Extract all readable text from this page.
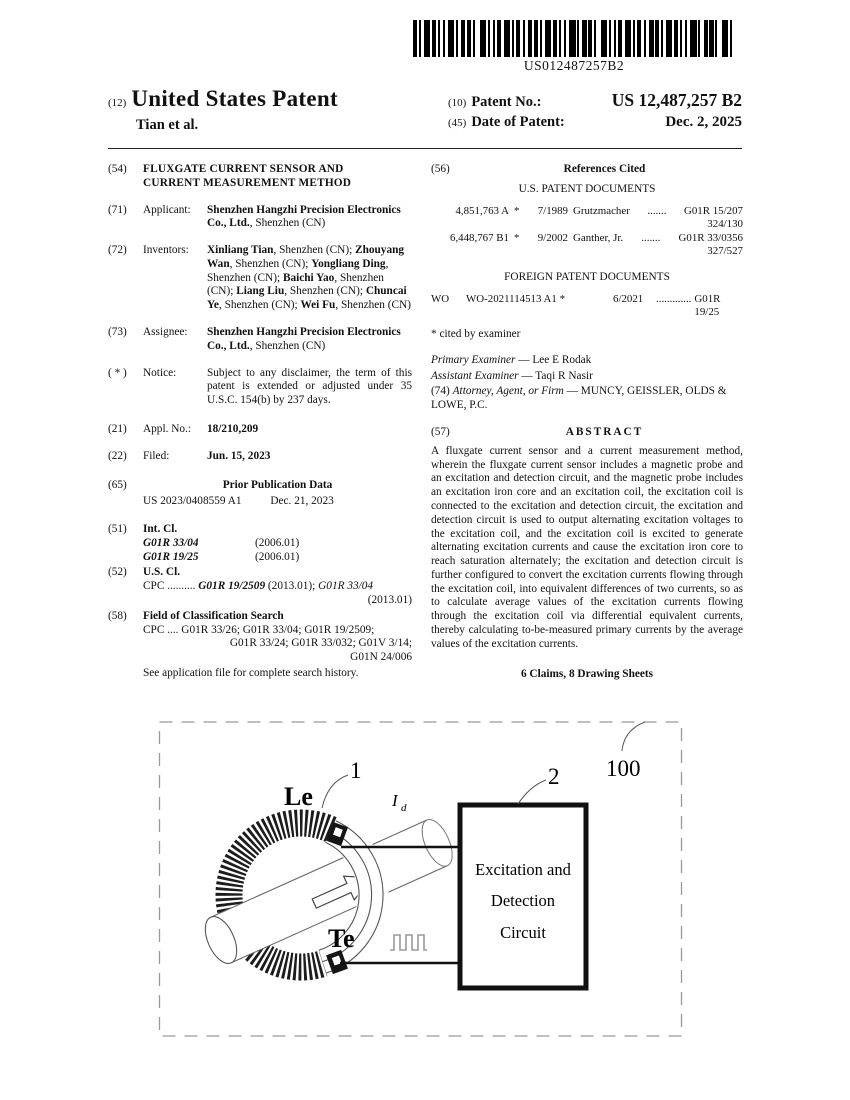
US012487257B2
(12) United States Patent
Tian et al.
(10) Patent No.:	US 12,487,257 B2
(45) Date of Patent:	Dec. 2, 2025
(54)	FLUXGATE CURRENT SENSOR AND CURRENT MEASUREMENT METHOD
(71)	Applicant:	Shenzhen Hangzhi Precision Electronics Co., Ltd., Shenzhen (CN)
(72)	Inventors:	Xinliang Tian, Shenzhen (CN); Zhouyang Wan, Shenzhen (CN); Yongliang Ding, Shenzhen (CN); Baichi Yao, Shenzhen (CN); Liang Liu, Shenzhen (CN); Chuncai Ye, Shenzhen (CN); Wei Fu, Shenzhen (CN)
(73)	Assignee:	Shenzhen Hangzhi Precision Electronics Co., Ltd., Shenzhen (CN)
( * )	Notice:	Subject to any disclaimer, the term of this patent is extended or adjusted under 35 U.S.C. 154(b) by 237 days.
(21)	Appl. No.:	18/210,209
(22)	Filed:	Jun. 15, 2023
(65)	Prior Publication Data
US 2023/0408559 A1	Dec. 21, 2023
(51)	Int. Cl.
G01R 33/04	(2006.01)
G01R 19/25	(2006.01)
(52)	U.S. Cl.
CPC .......... G01R 19/2509 (2013.01); G01R 33/04
(2013.01)
(58)	Field of Classification Search
CPC .... G01R 33/26; G01R 33/04; G01R 19/2509;
G01R 33/24; G01R 33/032; G01V 3/14;
G01N 24/006
See application file for complete search history.
(56)	References Cited
U.S. PATENT DOCUMENTS
4,851,763 A *	7/1989 Grutzmacher ....... G01R 15/207
324/130
6,448,767 B1 *	9/2002 Ganther, Jr. ....... G01R 33/0356
327/527
FOREIGN PATENT DOCUMENTS
WO	WO-2021114513 A1 *	6/2021	............. G01R 19/25
* cited by examiner
Primary Examiner — Lee E Rodak
Assistant Examiner — Taqi R Nasir
(74) Attorney, Agent, or Firm — MUNCY, GEISSLER, OLDS & LOWE, P.C.
(57)	ABSTRACT
A fluxgate current sensor and a current measurement method, wherein the fluxgate current sensor includes a magnetic probe and an excitation and detection circuit, and the magnetic probe includes an excitation iron core and an excitation coil, the excitation coil is connected to the excitation and detection circuit, the excitation and detection circuit is used to output alternating excitation voltages to the excitation coil, and the excitation coil is excited to generate alternating excitation currents and cause the excitation iron core to reach saturation alternately; the excitation and detection circuit is further configured to convert the excitation currents flowing through the excitation coil, into equivalent differences of two currents, so as to calculate average values of the excitation currents flowing through the excitation coil via differential equivalent currents, thereby calculating to-be-measured primary currents by the average values of the excitation currents.
6 Claims, 8 Drawing Sheets
Excitation and
Detection
Circuit
Le
Te
1
I d
2 100
